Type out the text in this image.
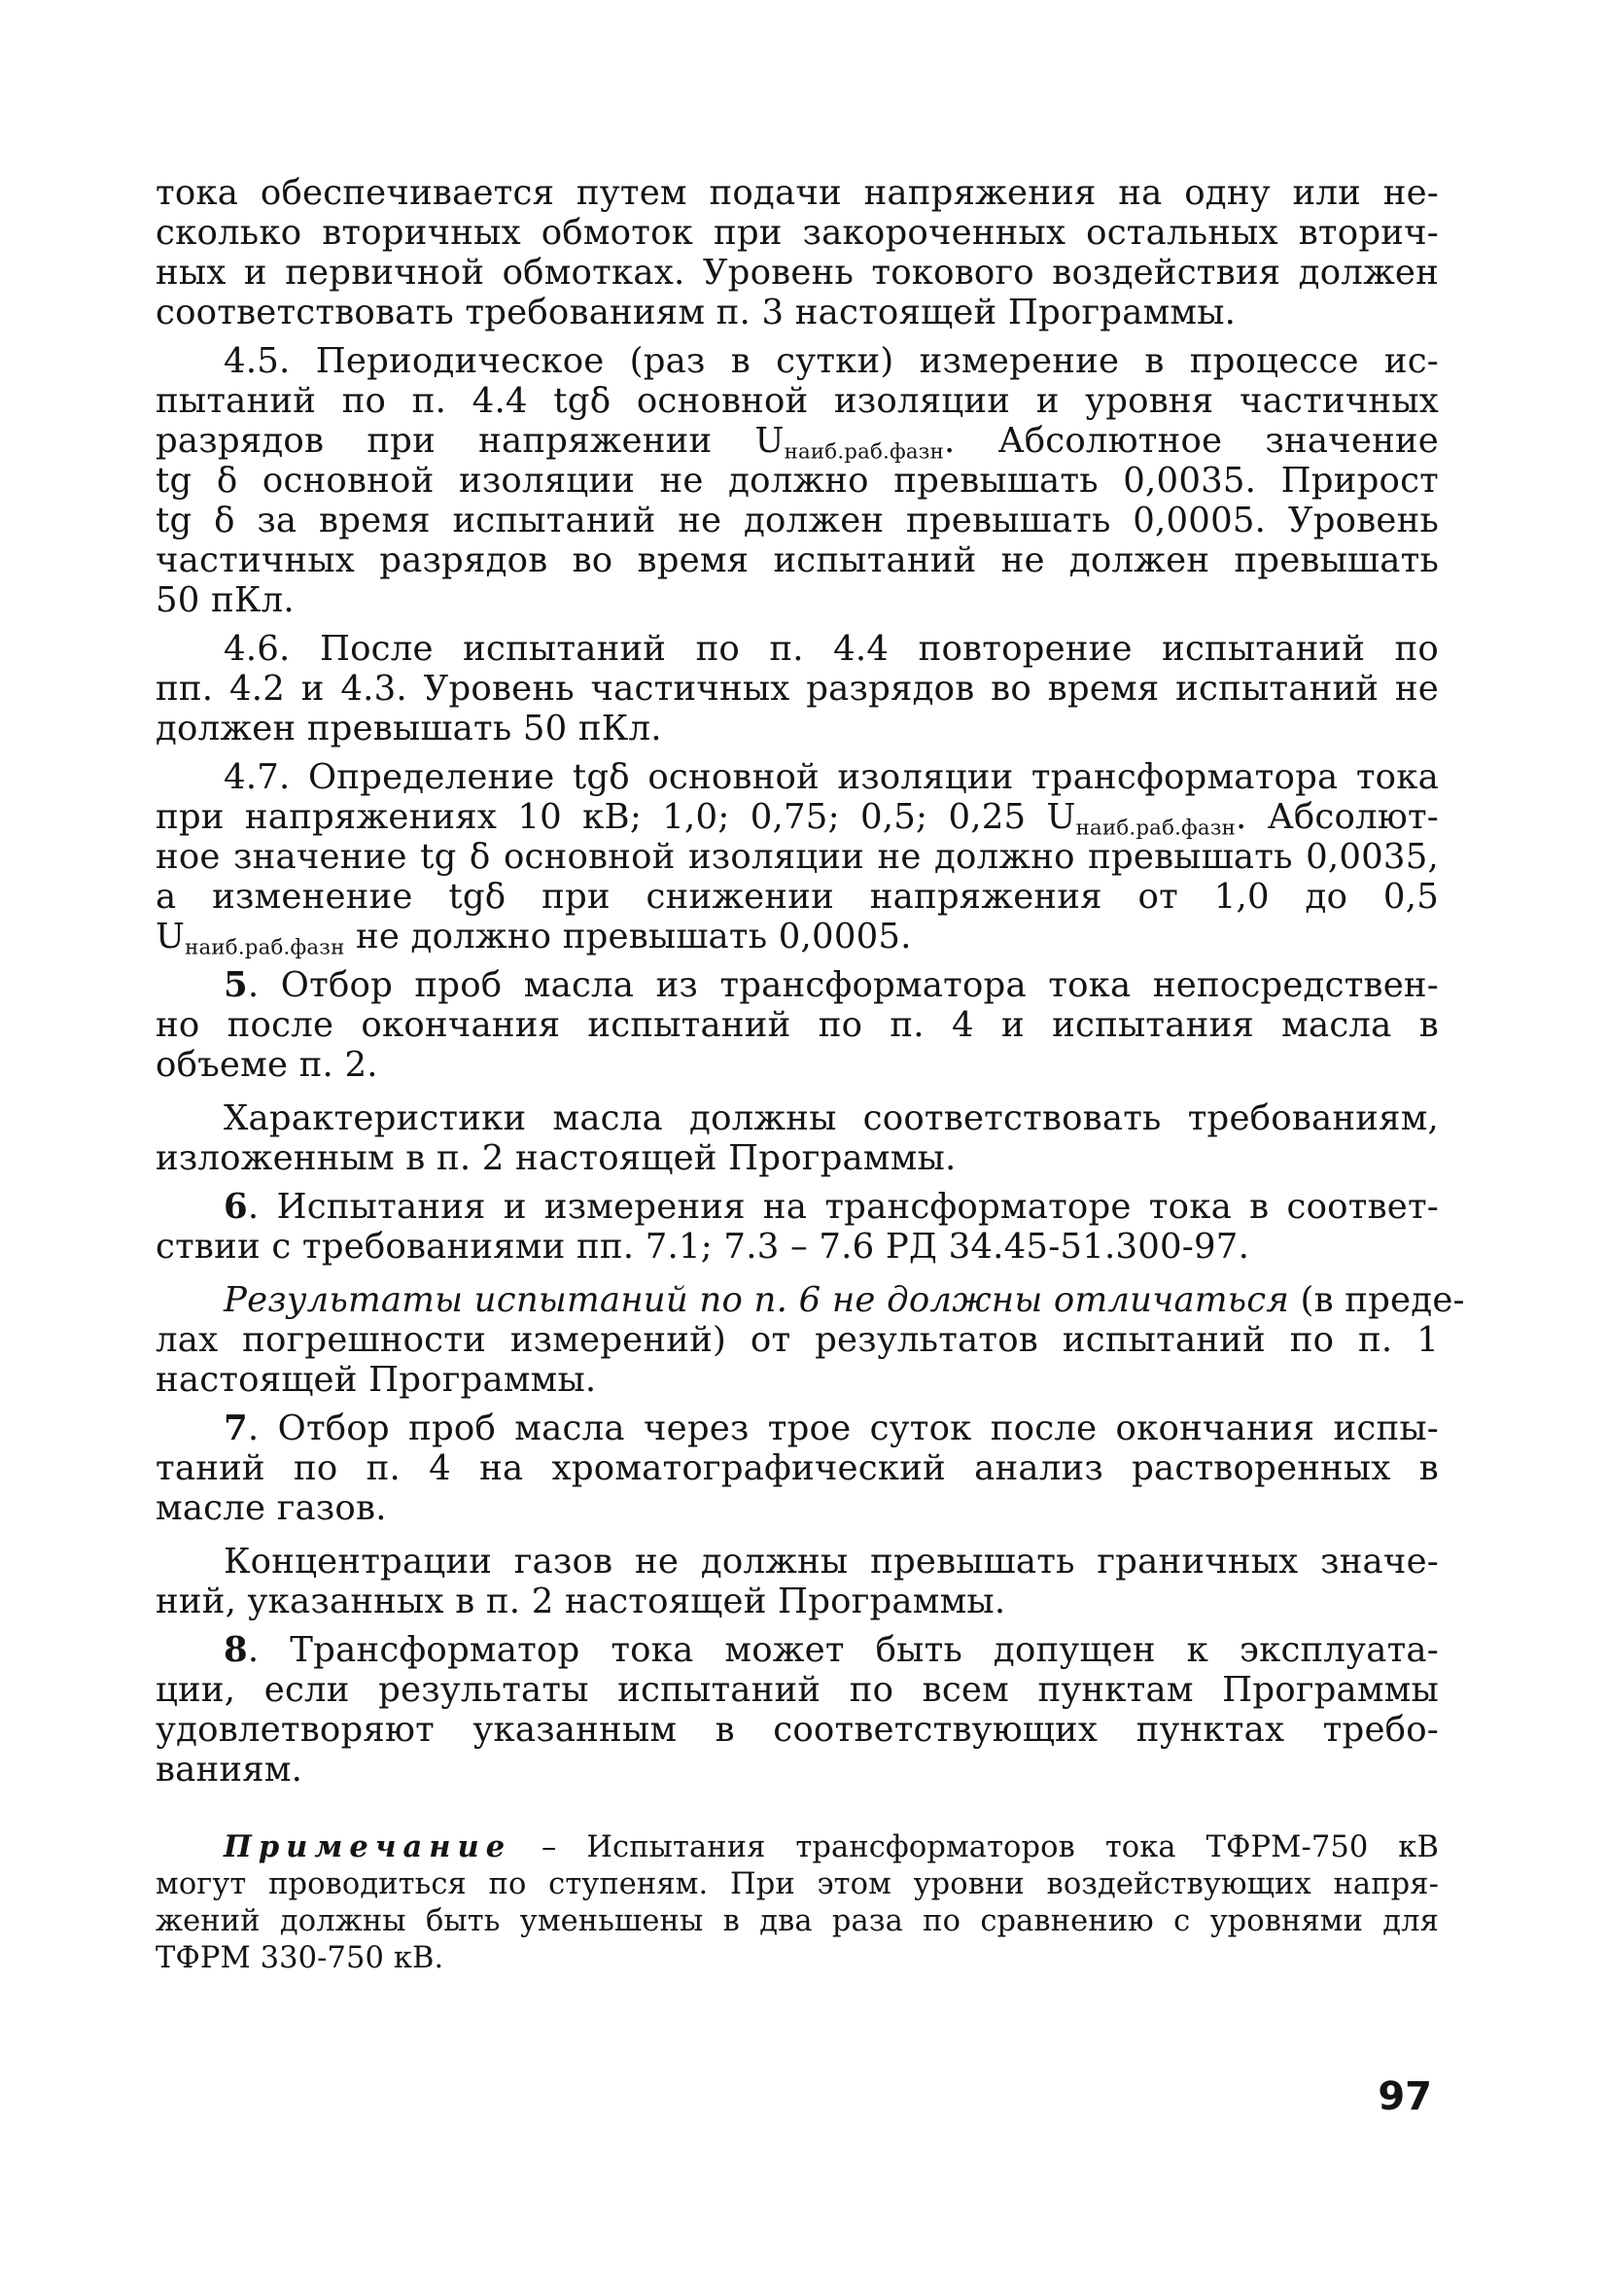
тока обеспечивается путем подачи напряжения на одну или не-
сколько вторичных обмоток при закороченных остальных вторич-
ных и первичной обмотках. Уровень токового воздействия должен
соответствовать требованиям п. 3 настоящей Программы.
4.5. Периодическое (раз в сутки) измерение в процессе ис-
пытаний по п. 4.4 tgδ основной изоляции и уровня частичных
разрядов при напряжении $U_{наиб.раб.фазн}$. Абсолютное значение
tg δ основной изоляции не должно превышать 0,0035. Прирост
tg δ за время испытаний не должен превышать 0,0005. Уровень
частичных разрядов во время испытаний не должен превышать
50 пКл.
4.6. После испытаний по п. 4.4 повторение испытаний по
пп. 4.2 и 4.3. Уровень частичных разрядов во время испытаний не
должен превышать 50 пКл.
4.7. Определение tgδ основной изоляции трансформатора тока
при напряжениях 10 кВ; 1,0; 0,75; 0,5; 0,25 $U_{наиб.раб.фазн}$. Абсолют-
ное значение tg δ основной изоляции не должно превышать 0,0035,
а изменение tgδ при снижении напряжения от 1,0 до 0,5
$U_{наиб.раб.фазн}$ не должно превышать 0,0005.
5. Отбор проб масла из трансформатора тока непосредствен-
но после окончания испытаний по п. 4 и испытания масла в
объеме п. 2.
Характеристики масла должны соответствовать требованиям,
изложенным в п. 2 настоящей Программы.
6. Испытания и измерения на трансформаторе тока в соответ-
ствии с требованиями пп. 7.1; 7.3 – 7.6 РД 34.45-51.300-97.
Результаты испытаний по п. 6 не должны отличаться (в преде-
лах погрешности измерений) от результатов испытаний по п. 1
настоящей Программы.
7. Отбор проб масла через трое суток после окончания испы-
таний по п. 4 на хроматографический анализ растворенных в
масле газов.
Концентрации газов не должны превышать граничных значе-
ний, указанных в п. 2 настоящей Программы.
8. Трансформатор тока может быть допущен к эксплуата-
ции, если результаты испытаний по всем пунктам Программы
удовлетворяют указанным в соответствующих пунктах требо-
ваниям.
Примечание – Испытания трансформаторов тока ТФРМ-750 кВ
могут проводиться по ступеням. При этом уровни воздействующих напря-
жений должны быть уменьшены в два раза по сравнению с уровнями для
ТФРМ 330-750 кВ.
97
